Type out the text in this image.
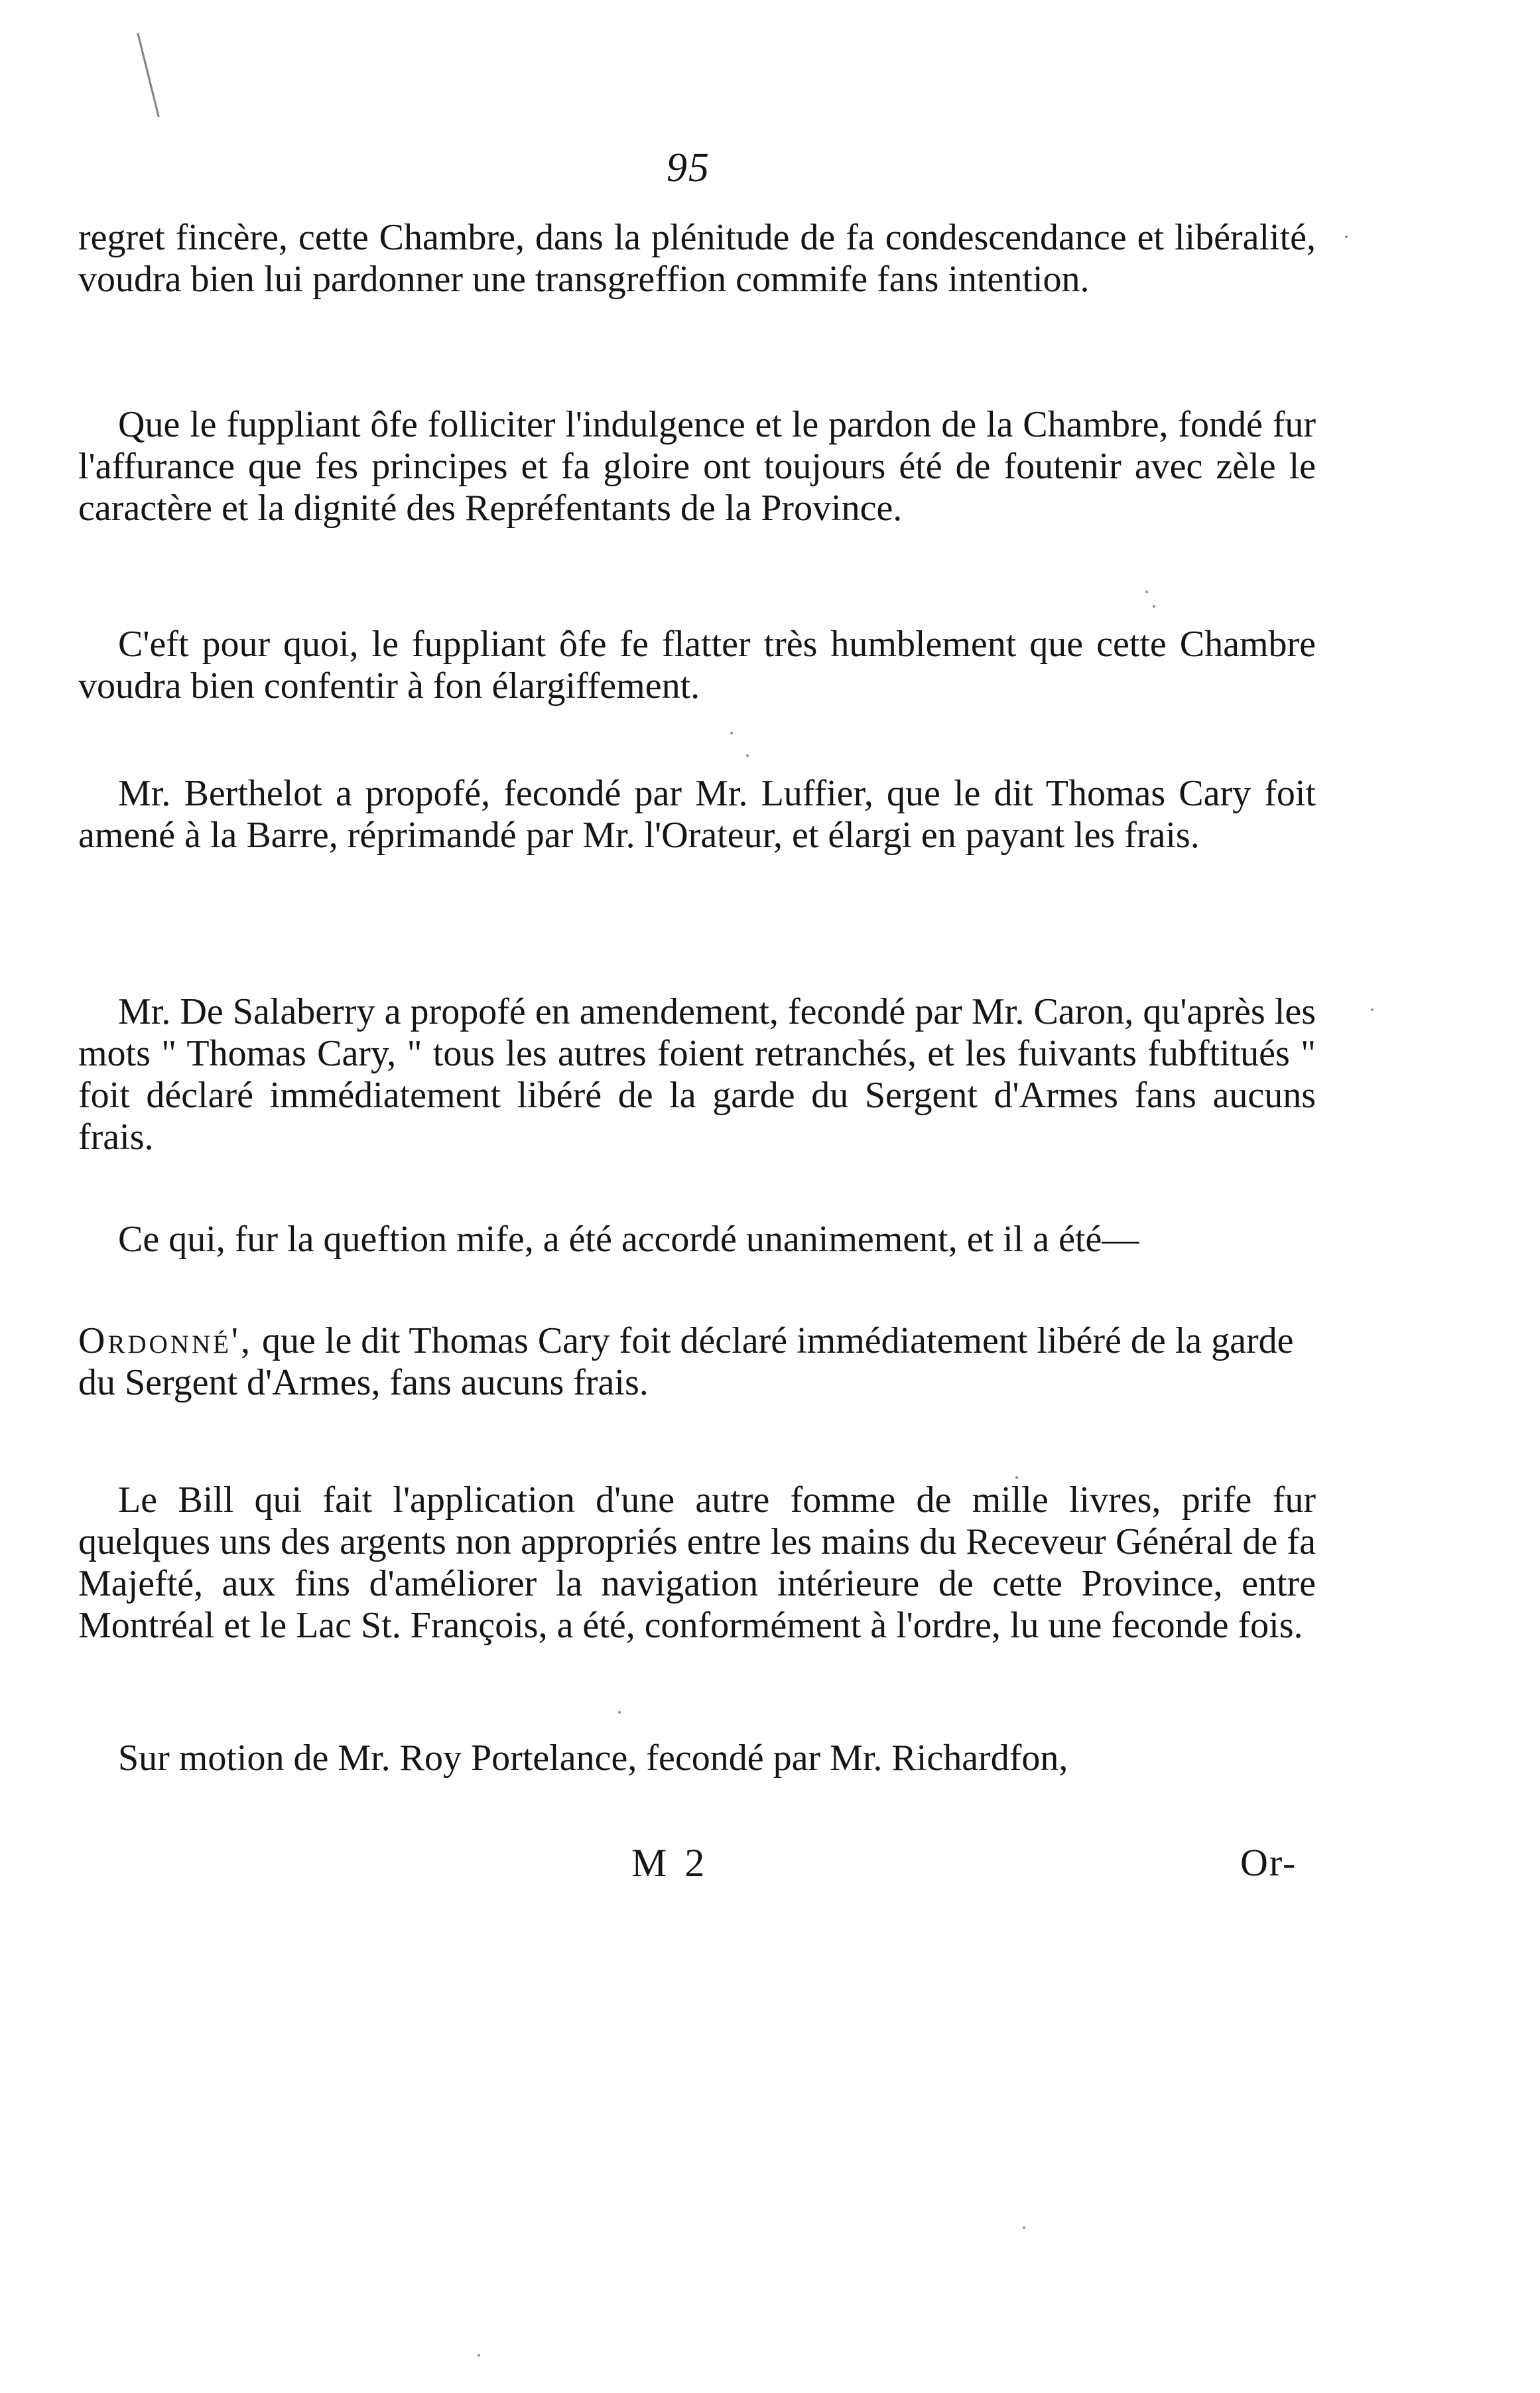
95

regret fincère, cette Chambre, dans la plénitude de fa condescendance et libéralité, voudra bien lui pardonner une transgreffion commife fans intention.

Que le fuppliant ôfe folliciter l'indulgence et le pardon de la Chambre, fondé fur l'affurance que fes principes et fa gloire ont toujours été de foutenir avec zèle le caractère et la dignité des Repréfentants de la Province.

C'eft pour quoi, le fuppliant ôfe fe flatter très humblement que cette Chambre voudra bien confentir à fon élargiffement.

Mr. Berthelot a propofé, fecondé par Mr. Luffier, que le dit Thomas Cary foit amené à la Barre, réprimandé par Mr. l'Orateur, et élargi en payant les frais.

Mr. De Salaberry a propofé en amendement, fecondé par Mr. Caron, qu'après les mots " Thomas Cary, " tous les autres foient retranchés, et les fuivants fubftitués " foit déclaré immédiatement libéré de la garde du Sergent d'Armes fans aucuns frais.

Ce qui, fur la queftion mife, a été accordé unanimement, et il a été—

Ordonné', que le dit Thomas Cary foit déclaré immédiatement libéré de la garde du Sergent d'Armes, fans aucuns frais.

Le Bill qui fait l'application d'une autre fomme de mille livres, prife fur quelques uns des argents non appropriés entre les mains du Receveur Général de fa Majefté, aux fins d'améliorer la navigation intérieure de cette Province, entre Montréal et le Lac St. François, a été, conformément à l'ordre, lu une feconde fois.

Sur motion de Mr. Roy Portelance, fecondé par Mr. Richardfon,

M 2	Or-
